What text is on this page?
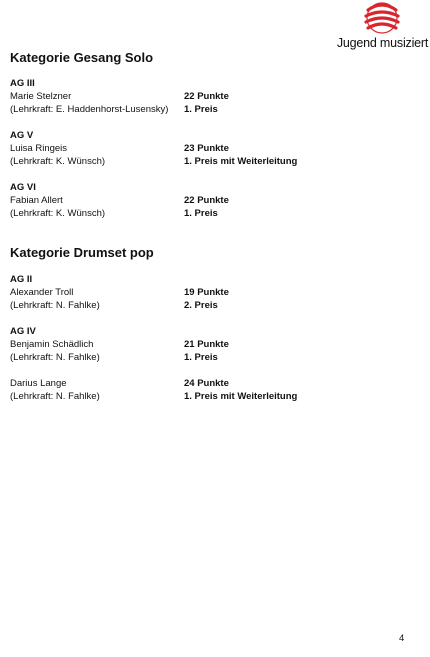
Jugend musiziert
Kategorie Gesang Solo
AG III
Marie Stelzner	22 Punkte
(Lehrkraft: E. Haddenhorst-Lusensky) 1. Preis
AG V
Luisa Ringeis	23 Punkte
(Lehrkraft: K. Wünsch)	1. Preis mit Weiterleitung
AG VI
Fabian Allert	22 Punkte
(Lehrkraft: K. Wünsch)	1. Preis
Kategorie Drumset pop
AG II
Alexander Troll	19 Punkte
(Lehrkraft: N. Fahlke)	2. Preis
AG IV
Benjamin Schädlich	21 Punkte
(Lehrkraft: N. Fahlke)	1. Preis
Darius Lange	24 Punkte
(Lehrkraft: N. Fahlke)	1. Preis mit Weiterleitung
4
